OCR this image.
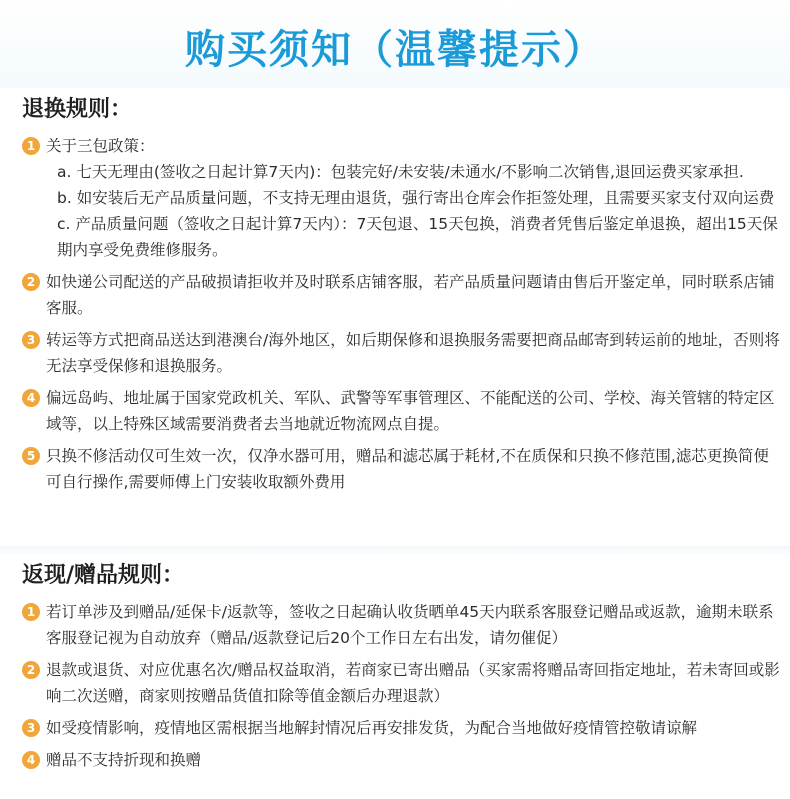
购买须知（温馨提示）
退换规则：
1 关于三包政策：
a. 七天无理由(签收之日起计算7天内)：包装完好/未安装/未通水/不影响二次销售,退回运费买家承担.
b. 如安装后无产品质量问题，不支持无理由退货，强行寄出仓库会作拒签处理，且需要买家支付双向运费
c. 产品质量问题（签收之日起计算7天内）：7天包退、15天包换，消费者凭售后鉴定单退换，超出15天保期内享受免费维修服务。
2 如快递公司配送的产品破损请拒收并及时联系店铺客服，若产品质量问题请由售后开鉴定单，同时联系店铺客服。
3 转运等方式把商品送达到港澳台/海外地区，如后期保修和退换服务需要把商品邮寄到转运前的地址，否则将无法享受保修和退换服务。
4 偏远岛屿、地址属于国家党政机关、军队、武警等军事管理区、不能配送的公司、学校、海关管辖的特定区域等，以上特殊区域需要消费者去当地就近物流网点自提。
5 只换不修活动仅可生效一次，仅净水器可用，赠品和滤芯属于耗材,不在质保和只换不修范围,滤芯更换简便可自行操作,需要师傅上门安装收取额外费用
返现/赠品规则：
1 若订单涉及到赠品/延保卡/返款等，签收之日起确认收货晒单45天内联系客服登记赠品或返款，逾期未联系客服登记视为自动放弃（赠品/返款登记后20个工作日左右出发，请勿催促）
2 退款或退货、对应优惠名次/赠品权益取消，若商家已寄出赠品（买家需将赠品寄回指定地址，若未寄回或影响二次送赠，商家则按赠品货值扣除等值金额后办理退款）
3 如受疫情影响，疫情地区需根据当地解封情况后再安排发货，为配合当地做好疫情管控敬请谅解
4 赠品不支持折现和换赠
